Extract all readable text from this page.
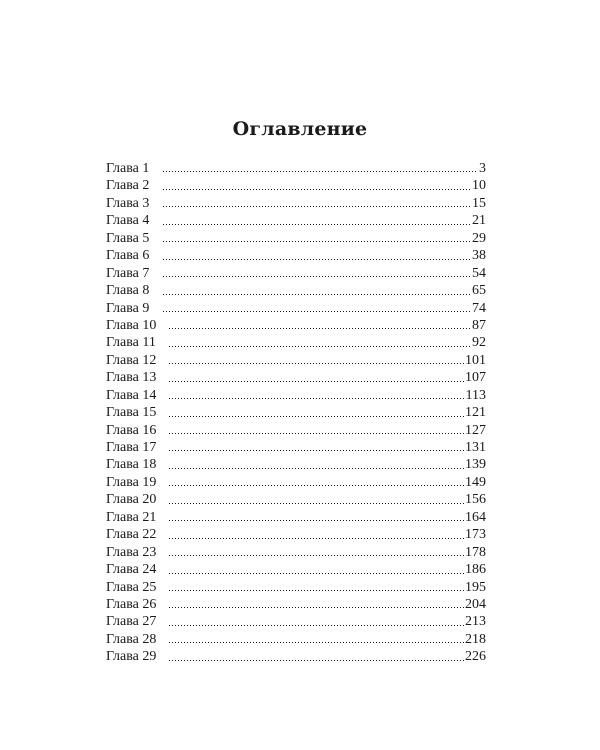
Оглавление
Глава 1	3
Глава 2	10
Глава 3	15
Глава 4	21
Глава 5	29
Глава 6	38
Глава 7	54
Глава 8	65
Глава 9	74
Глава 10	87
Глава 11	92
Глава 12	101
Глава 13	107
Глава 14	113
Глава 15	121
Глава 16	127
Глава 17	131
Глава 18	139
Глава 19	149
Глава 20	156
Глава 21	164
Глава 22	173
Глава 23	178
Глава 24	186
Глава 25	195
Глава 26	204
Глава 27	213
Глава 28	218
Глава 29	226
